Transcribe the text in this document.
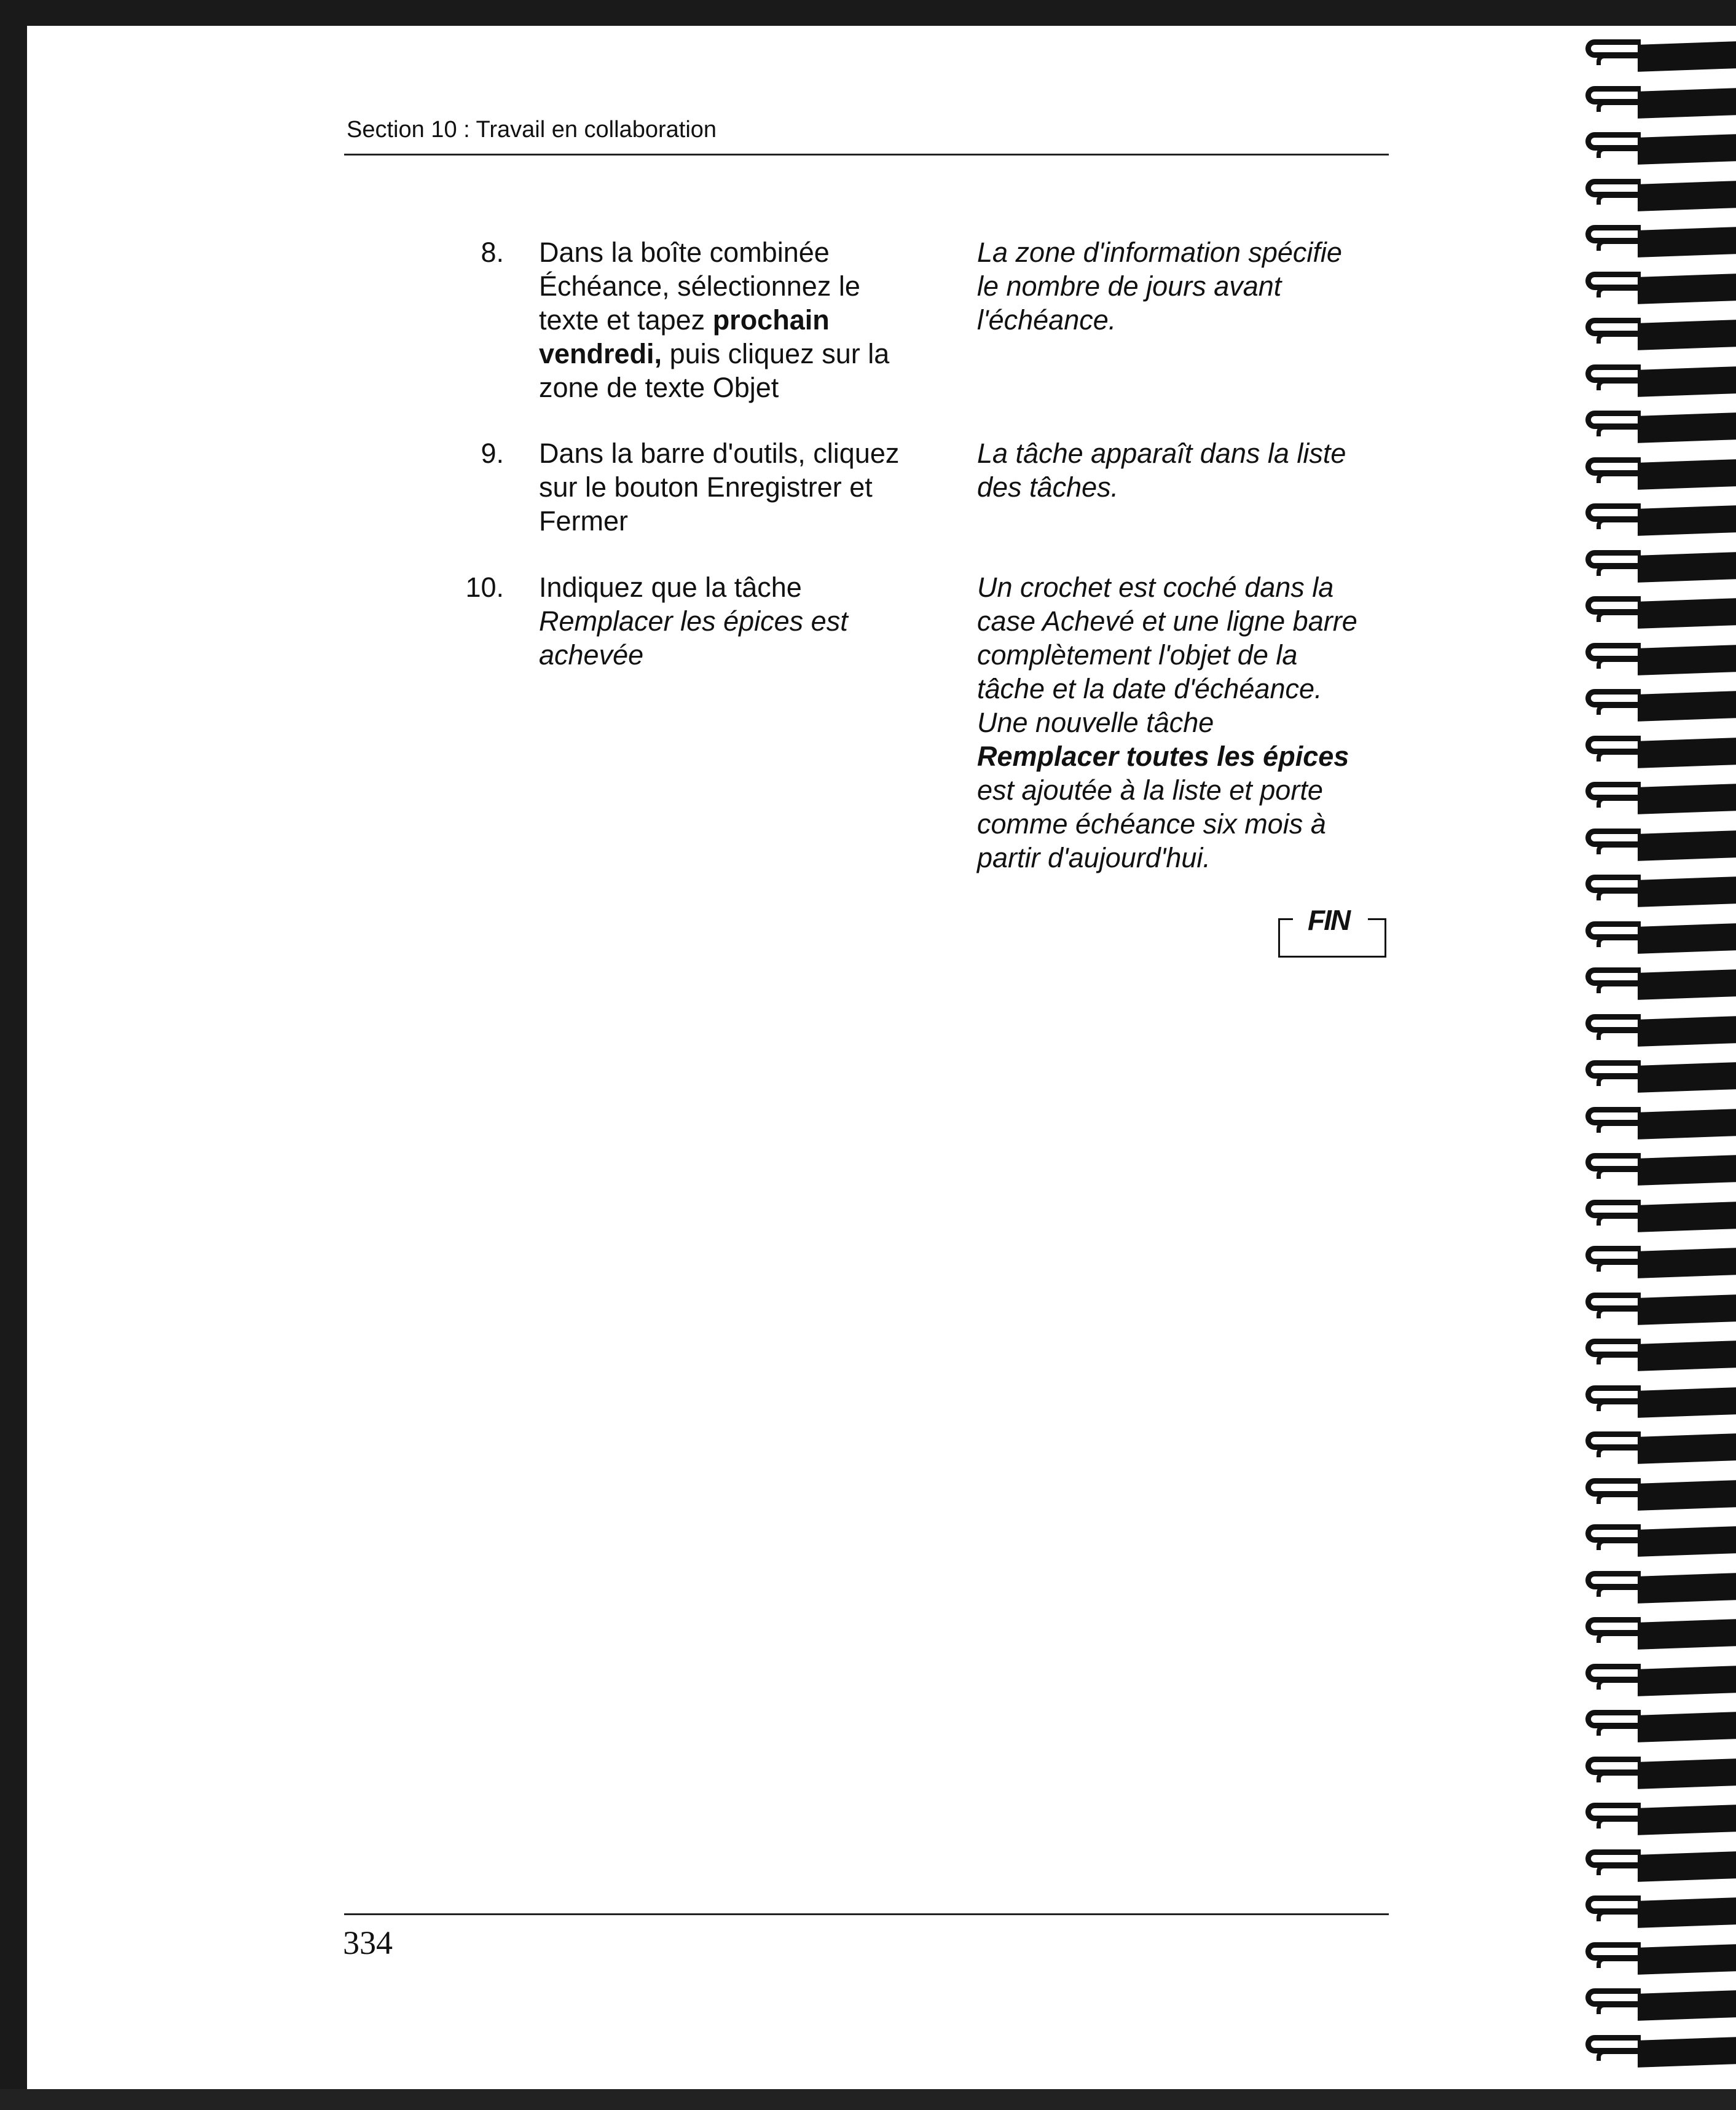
Section 10 : Travail en collaboration
8. Dans la boîte combinée
Échéance, sélectionnez le
texte et tapez prochain
vendredi, puis cliquez sur la
zone de texte Objet
La zone d'information spécifie
le nombre de jours avant
l'échéance.
9. Dans la barre d'outils, cliquez
sur le bouton Enregistrer et
Fermer
La tâche apparaît dans la liste
des tâches.
10. Indiquez que la tâche
Remplacer les épices est
achevée
Un crochet est coché dans la
case Achevé et une ligne barre
complètement l'objet de la
tâche et la date d'échéance.
Une nouvelle tâche
Remplacer toutes les épices
est ajoutée à la liste et porte
comme échéance six mois à
partir d'aujourd'hui.
FIN
334
